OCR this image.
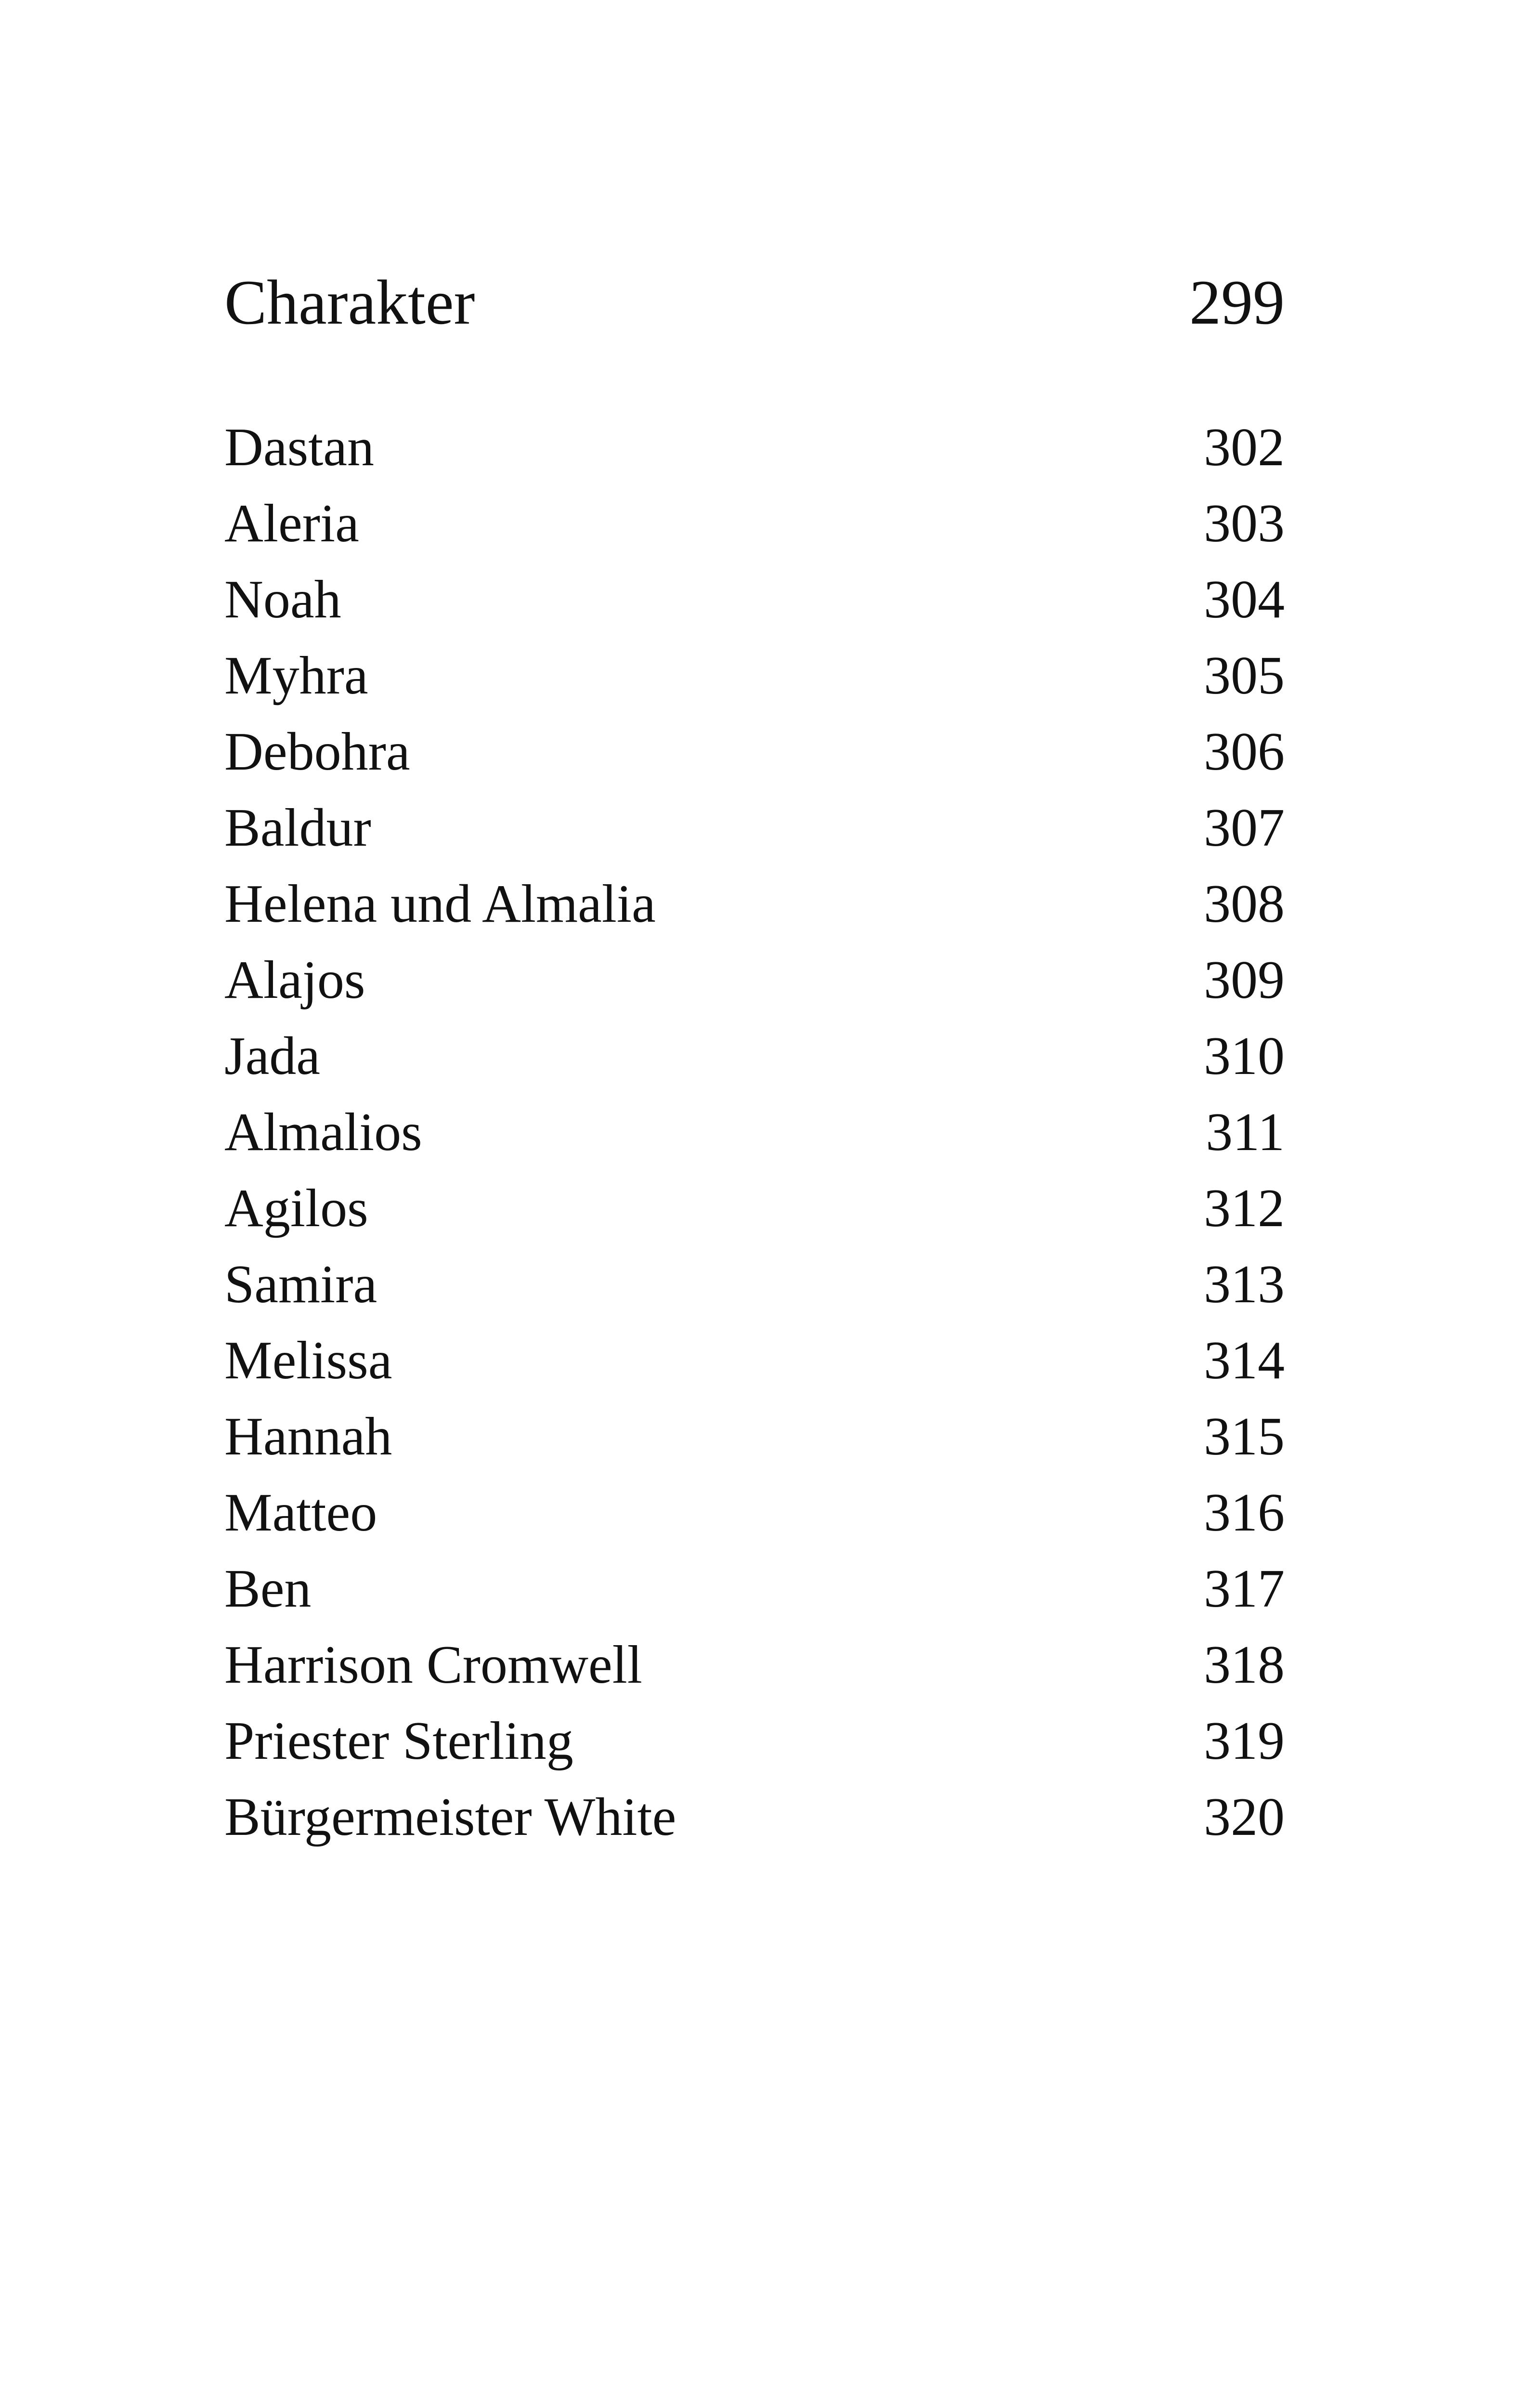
Charakter	299
Dastan	302
Aleria	303
Noah	304
Myhra	305
Debohra	306
Baldur	307
Helena und Almalia	308
Alajos	309
Jada	310
Almalios	311
Agilos	312
Samira	313
Melissa	314
Hannah	315
Matteo	316
Ben	317
Harrison Cromwell	318
Priester Sterling	319
Bürgermeister White	320
